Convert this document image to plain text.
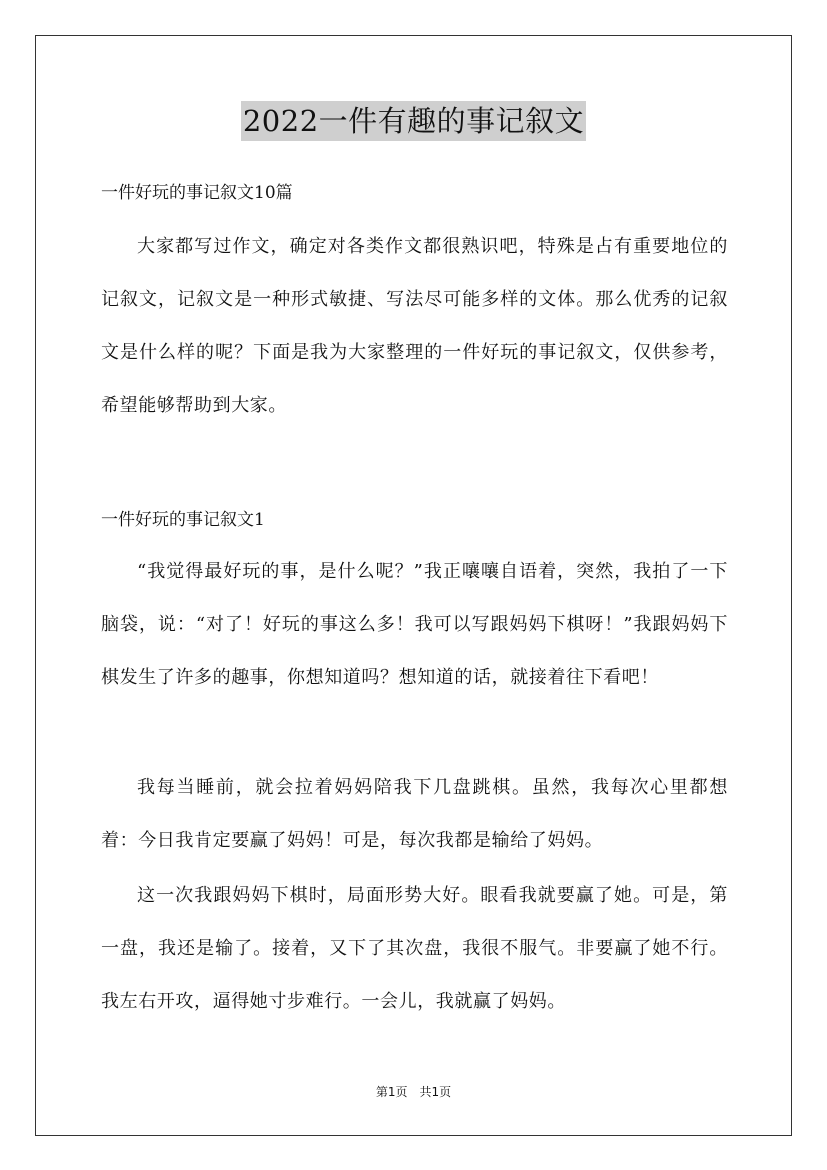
2022一件有趣的事记叙文
一件好玩的事记叙文10篇

大家都写过作文，确定对各类作文都很熟识吧，特殊是占有重要地位的记叙文，记叙文是一种形式敏捷、写法尽可能多样的文体。那么优秀的记叙文是什么样的呢？下面是我为大家整理的一件好玩的事记叙文，仅供参考，希望能够帮助到大家。

一件好玩的事记叙文1

“我觉得最好玩的事，是什么呢？”我正嚷嚷自语着，突然，我拍了一下脑袋，说：“对了！好玩的事这么多！我可以写跟妈妈下棋呀！”我跟妈妈下棋发生了许多的趣事，你想知道吗？想知道的话，就接着往下看吧！

我每当睡前，就会拉着妈妈陪我下几盘跳棋。虽然，我每次心里都想着：今日我肯定要赢了妈妈！可是，每次我都是输给了妈妈。

这一次我跟妈妈下棋时，局面形势大好。眼看我就要赢了她。可是，第一盘，我还是输了。接着，又下了其次盘，我很不服气。非要赢了她不行。我左右开攻，逼得她寸步难行。一会儿，我就赢了妈妈。

第1页 共1页
